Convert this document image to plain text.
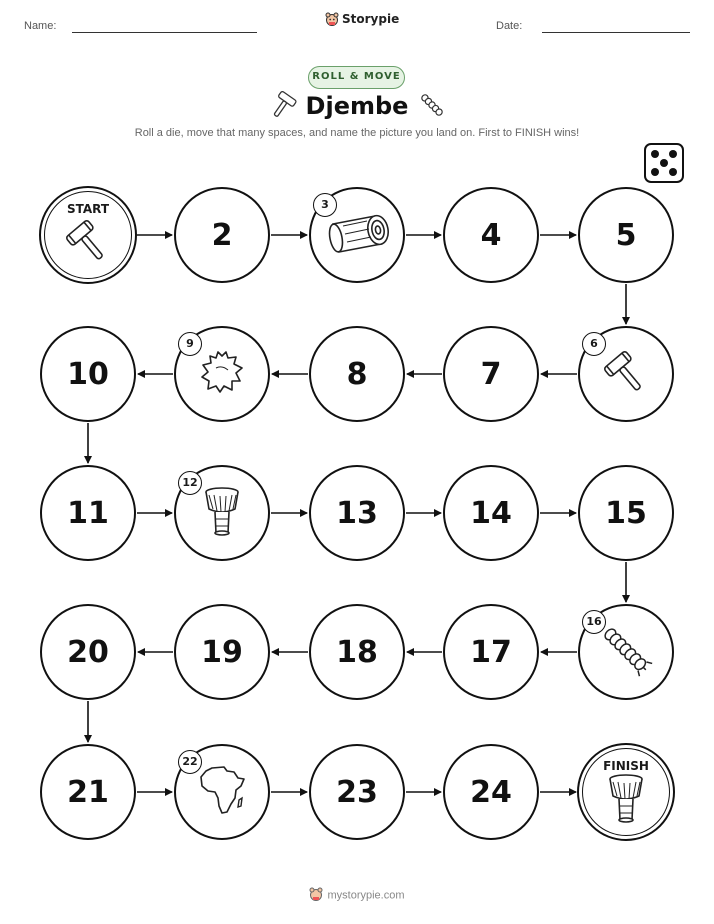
Name:	Storypie	Date:
ROLL & MOVE
Djembe
Roll a die, move that many spaces, and name the picture you land on. First to FINISH wins!
START
2
3
4	5
6
7
8
9
10
11
12
13	14	15
16
17
18
19
20
21
22
23	24
FINISH
mystorypie.com
